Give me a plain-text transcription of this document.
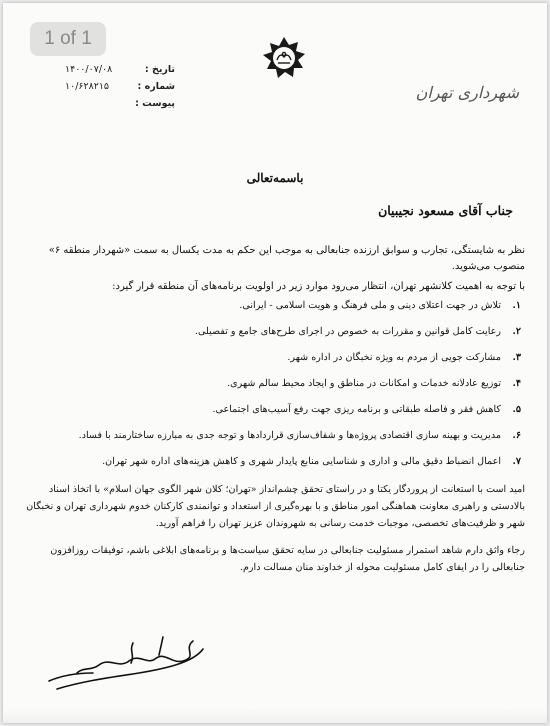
تاریخ :
۱۴۰۰/۰۷/۰۸
شماره :
۱۰/۶۲۸۲۱۵
پیوست :
شهرداری تهران
باسمه‌تعالی
جناب آقای مسعود نجیبیان

نظر به شایستگی، تجارب و سوابق ارزنده جنابعالی به موجب این حکم به مدت یکسال به سمت «شهردار منطقه ۶» منصوب می‌شوید.

با توجه به اهمیت کلانشهر تهران، انتظار می‌رود موارد زیر در اولویت برنامه‌های آن منطقه قرار گیرد:

۱.
تلاش در جهت اعتلای دینی و ملی فرهنگ و هویت اسلامی - ایرانی.
۲.
رعایت کامل قوانین و مقررات به خصوص در اجرای طرح‌های جامع و تفصیلی.
۳.
مشارکت جویی از مردم به ویژه نخبگان در اداره شهر.
۴.
توزیع عادلانه خدمات و امکانات در مناطق و ایجاد محیط سالم شهری.
۵.
کاهش فقر و فاصله طبقاتی و برنامه ریزی جهت رفع آسیب‌های اجتماعی.
۶.
مدیریت و بهینه سازی اقتصادی پروژه‌ها و شفاف‌سازی قراردادها و توجه جدی به مبارزه ساختارمند با فساد.
۷.
اعمال انضباط دقیق مالی و اداری و شناسایی منابع پایدار شهری و کاهش هزینه‌های اداره شهر تهران.

امید است با استعانت از پروردگار یکتا و در راستای تحقق چشم‌انداز «تهران؛ کلان شهر الگوی جهان اسلام» با اتخاذ اسناد بالادستی و راهبری معاونت هماهنگی امور مناطق و با بهره‌گیری از استعداد و توانمندی کارکنان خدوم شهرداری تهران و نخبگان شهر و ظرفیت‌های تخصصی، موجبات خدمت رسانی به شهروندان عزیز تهران را فراهم آورید.

رجاء واثق دارم شاهد استمرار مسئولیت جنابعالی در سایه تحقق سیاست‌ها و برنامه‌های ابلاغی باشم، توفیقات روزافزون جنابعالی را در ایفای کامل مسئولیت محوله از خداوند منان مسالت دارم.

1 of 1
